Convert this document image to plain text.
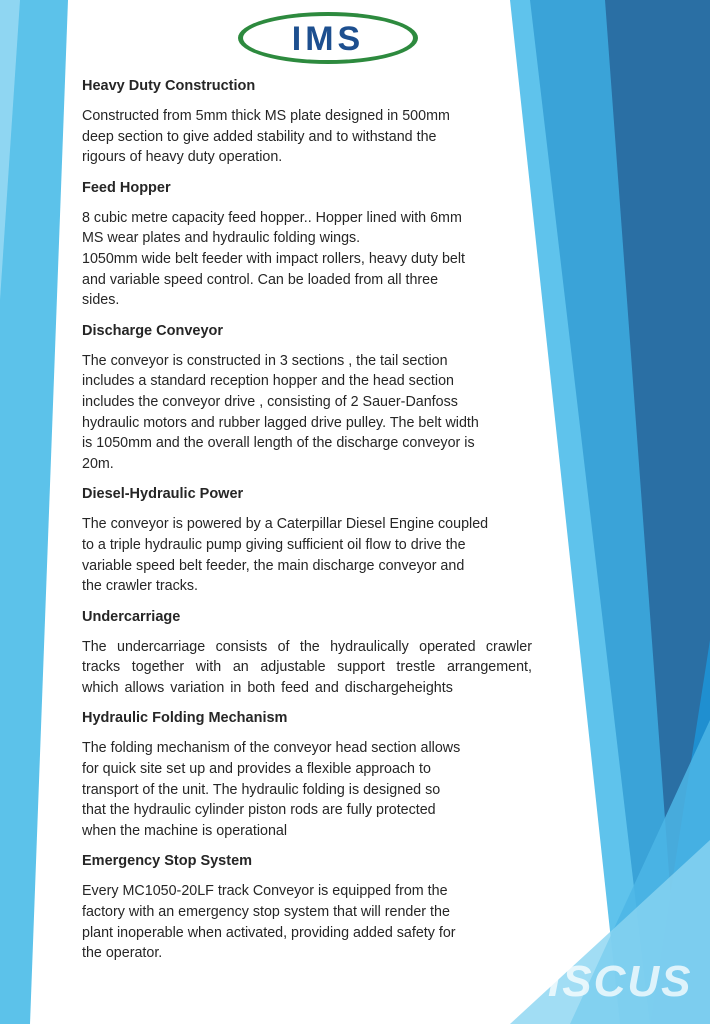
IMS
Heavy Duty Construction
Constructed from 5mm thick MS plate designed in 500mm
deep section to give added stability and to withstand the
rigours of heavy duty operation.
Feed Hopper
8 cubic metre capacity feed hopper.. Hopper lined with 6mm
MS wear plates and hydraulic folding wings.
1050mm wide belt feeder with impact rollers, heavy duty belt
and variable speed control. Can be loaded from all three
sides.
Discharge Conveyor
The conveyor is constructed in 3 sections , the tail section
includes a standard reception hopper and the head section
includes the conveyor drive , consisting of 2 Sauer-Danfoss
hydraulic motors and rubber lagged drive pulley. The belt width
is 1050mm and the overall length of the discharge conveyor is
20m.
Diesel-Hydraulic Power
The conveyor is powered by a Caterpillar Diesel Engine coupled
to a triple hydraulic pump giving sufficient oil flow to drive the
variable speed belt feeder, the main discharge conveyor and
the crawler tracks.
Undercarriage
The undercarriage consists of the hydraulically operated crawler tracks together with an adjustable support trestle arrangement, which allows variation in both feed and dischargeheights
Hydraulic Folding Mechanism
The folding mechanism of the conveyor head section allows
for quick site set up and provides a flexible approach to
transport of the unit. The hydraulic folding is designed so
that the hydraulic cylinder piston rods are fully protected
when the machine is operational
Emergency Stop System
Every MC1050-20LF track Conveyor is equipped from the
factory with an emergency stop system that will render the
plant inoperable when activated, providing added safety for
the operator.
ISCUS
